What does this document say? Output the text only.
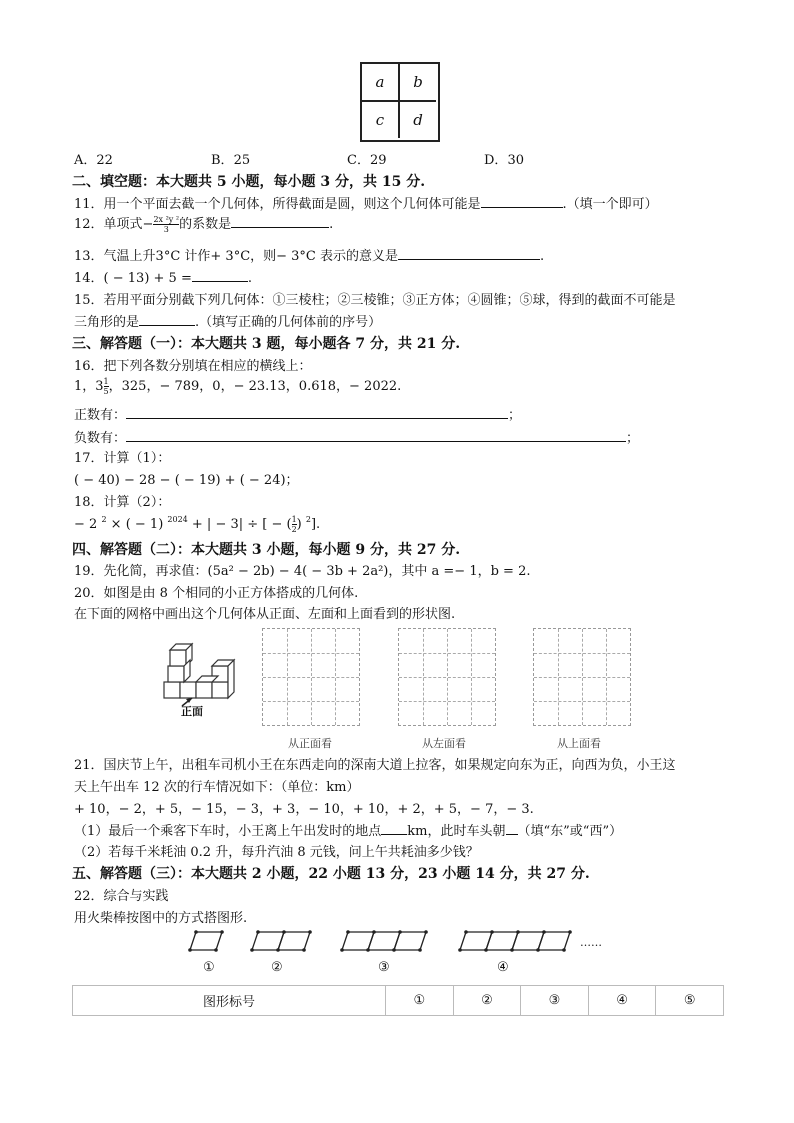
a	b
c	d
A．22	B．25	C．29	D．30
二、填空题：本大题共 5 小题，每小题 3 分，共 15 分.
11．用一个平面去截一个几何体，所得截面是圆，则这个几何体可能是	.（填一个即可）
12．单项式− $\frac{\text{2x ²y ²}}{3}$ 的系数是	.
13．气温上升3°C 计作+ 3°C，则− 3°C 表示的意义是	.
14．( − 13) + 5 =	.
15．若用平面分别截下列几何体：①三棱柱；②三棱锥；③正方体；④圆锥；⑤球，得到的截面不可能是
三角形的是	.（填写正确的几何体前的序号）
三、解答题（一）：本大题共 3 题，每小题各 7 分，共 21 分.
16．把下列各数分别填在相应的横线上：
1，$3 \frac{1}{5}$ ，325，− 789，0，− 23.13，0.618，− 2022.
正数有：	；
负数有：	；
17．计算（1）：
( − 40) − 28 − ( − 19) + ( − 24)；
18．计算（2）：
− 2 $^2$ × ( − 1) $^{2024}$ + | − 3| ÷ [ − ( $\frac{1}{2}$ ) $^2$].
四、解答题（二）：本大题共 3 小题，每小题 9 分，共 27 分.
19．先化简，再求值：(5a² − 2b) − 4( − 3b + 2a²)，其中 a =− 1，b = 2.
20．如图是由 8 个相同的小正方体搭成的几何体.
在下面的网格中画出这个几何体从正面、左面和上面看到的形状图.
正面
从正面看	从左面看	从上面看
21．国庆节上午，出租车司机小王在东西走向的深南大道上拉客，如果规定向东为正，向西为负，小王这
天上午出车 12 次的行车情况如下：（单位：km）
+ 10，− 2，+ 5，− 15，− 3，+ 3，− 10，+ 10，+ 2，+ 5，− 7，− 3.
（1）最后一个乘客下车时，小王离上午出发时的地点 km，此时车头朝 （填“东”或“西”）
（2）若每千米耗油 0.2 升，每升汽油 8 元钱，问上午共耗油多少钱？
五、解答题（三）：本大题共 2 小题，22 小题 13 分，23 小题 14 分，共 27 分.
22．综合与实践
用火柴棒按图中的方式搭图形.
①	②	③	④
……
图形标号	①	②	③	④	⑤
